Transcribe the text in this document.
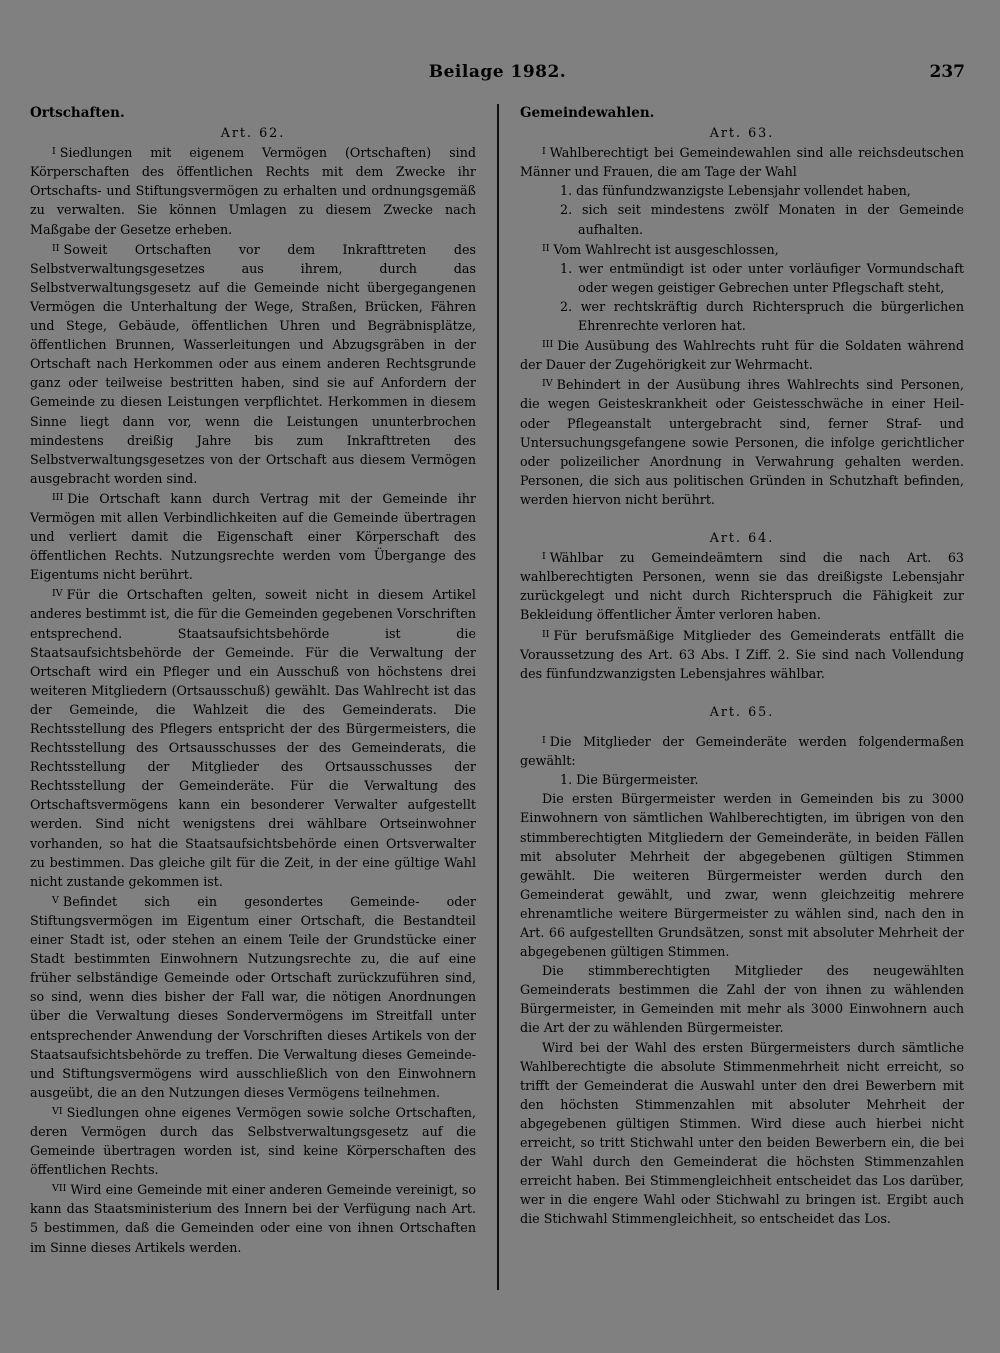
Beilage 1982.	237

Ortschaften.

Art. 62.

$^I$ Siedlungen mit eigenem Vermögen (Ortschaften) sind Körperschaften des öffentlichen Rechts mit dem Zwecke ihr Ortschafts- und Stiftungsvermögen zu erhalten und ordnungsgemäß zu verwalten. Sie können Umlagen zu diesem Zwecke nach Maßgabe der Gesetze erheben.

$^{II}$ Soweit Ortschaften vor dem Inkrafttreten des Selbstverwaltungsgesetzes aus ihrem, durch das Selbstverwaltungsgesetz auf die Gemeinde nicht übergegangenen Vermögen die Unterhaltung der Wege, Straßen, Brücken, Fähren und Stege, Gebäude, öffentlichen Uhren und Begräbnisplätze, öffentlichen Brunnen, Wasserleitungen und Abzugsgräben in der Ortschaft nach Herkommen oder aus einem anderen Rechtsgrunde ganz oder teilweise bestritten haben, sind sie auf Anfordern der Gemeinde zu diesen Leistungen verpflichtet. Herkommen in diesem Sinne liegt dann vor, wenn die Leistungen ununterbrochen mindestens dreißig Jahre bis zum Inkrafttreten des Selbstverwaltungsgesetzes von der Ortschaft aus diesem Vermögen ausgebracht worden sind.

$^{III}$ Die Ortschaft kann durch Vertrag mit der Gemeinde ihr Vermögen mit allen Verbindlichkeiten auf die Gemeinde übertragen und verliert damit die Eigenschaft einer Körperschaft des öffentlichen Rechts. Nutzungsrechte werden vom Übergange des Eigentums nicht berührt.

$^{IV}$ Für die Ortschaften gelten, soweit nicht in diesem Artikel anderes bestimmt ist, die für die Gemeinden gegebenen Vorschriften entsprechend. Staatsaufsichtsbehörde ist die Staatsaufsichtsbehörde der Gemeinde. Für die Verwaltung der Ortschaft wird ein Pfleger und ein Ausschuß von höchstens drei weiteren Mitgliedern (Ortsausschuß) gewählt. Das Wahlrecht ist das der Gemeinde, die Wahlzeit die des Gemeinderats. Die Rechtsstellung des Pflegers entspricht der des Bürgermeisters, die Rechtsstellung des Ortsausschusses der des Gemeinderats, die Rechtsstellung der Mitglieder des Ortsausschusses der Rechtsstellung der Gemeinderäte. Für die Verwaltung des Ortschaftsvermögens kann ein besonderer Verwalter aufgestellt werden. Sind nicht wenigstens drei wählbare Ortseinwohner vorhanden, so hat die Staatsaufsichtsbehörde einen Ortsverwalter zu bestimmen. Das gleiche gilt für die Zeit, in der eine gültige Wahl nicht zustande gekommen ist.

$^V$ Befindet sich ein gesondertes Gemeinde- oder Stiftungsvermögen im Eigentum einer Ortschaft, die Bestandteil einer Stadt ist, oder stehen an einem Teile der Grundstücke einer Stadt bestimmten Einwohnern Nutzungsrechte zu, die auf eine früher selbständige Gemeinde oder Ortschaft zurückzuführen sind, so sind, wenn dies bisher der Fall war, die nötigen Anordnungen über die Verwaltung dieses Sondervermögens im Streitfall unter entsprechender Anwendung der Vorschriften dieses Artikels von der Staatsaufsichtsbehörde zu treffen. Die Verwaltung dieses Gemeinde- und Stiftungsvermögens wird ausschließlich von den Einwohnern ausgeübt, die an den Nutzungen dieses Vermögens teilnehmen.

$^{VI}$ Siedlungen ohne eigenes Vermögen sowie solche Ortschaften, deren Vermögen durch das Selbstverwaltungsgesetz auf die Gemeinde übertragen worden ist, sind keine Körperschaften des öffentlichen Rechts.

$^{VII}$ Wird eine Gemeinde mit einer anderen Gemeinde vereinigt, so kann das Staatsministerium des Innern bei der Verfügung nach Art. 5 bestimmen, daß die Gemeinden oder eine von ihnen Ortschaften im Sinne dieses Artikels werden.

Gemeindewahlen.

Art. 63.

$^I$ Wahlberechtigt bei Gemeindewahlen sind alle reichsdeutschen Männer und Frauen, die am Tage der Wahl

1. das fünfundzwanzigste Lebensjahr vollendet haben,

2. sich seit mindestens zwölf Monaten in der Gemeinde aufhalten.

$^{II}$ Vom Wahlrecht ist ausgeschlossen,

1. wer entmündigt ist oder unter vorläufiger Vormundschaft oder wegen geistiger Gebrechen unter Pflegschaft steht,

2. wer rechtskräftig durch Richterspruch die bürgerlichen Ehrenrechte verloren hat.

$^{III}$ Die Ausübung des Wahlrechts ruht für die Soldaten während der Dauer der Zugehörigkeit zur Wehrmacht.

$^{IV}$ Behindert in der Ausübung ihres Wahlrechts sind Personen, die wegen Geisteskrankheit oder Geistesschwäche in einer Heil- oder Pflegeanstalt untergebracht sind, ferner Straf- und Untersuchungsgefangene sowie Personen, die infolge gerichtlicher oder polizeilicher Anordnung in Verwahrung gehalten werden. Personen, die sich aus politischen Gründen in Schutzhaft befinden, werden hiervon nicht berührt.

Art. 64.

$^I$ Wählbar zu Gemeindeämtern sind die nach Art. 63 wahlberechtigten Personen, wenn sie das dreißigste Lebensjahr zurückgelegt und nicht durch Richterspruch die Fähigkeit zur Bekleidung öffentlicher Ämter verloren haben.

$^{II}$ Für berufsmäßige Mitglieder des Gemeinderats entfällt die Voraussetzung des Art. 63 Abs. I Ziff. 2. Sie sind nach Vollendung des fünfundzwanzigsten Lebensjahres wählbar.

Art. 65.

$^I$ Die Mitglieder der Gemeinderäte werden folgendermaßen gewählt:

1. Die Bürgermeister.

Die ersten Bürgermeister werden in Gemeinden bis zu 3000 Einwohnern von sämtlichen Wahlberechtigten, im übrigen von den stimmberechtigten Mitgliedern der Gemeinderäte, in beiden Fällen mit absoluter Mehrheit der abgegebenen gültigen Stimmen gewählt. Die weiteren Bürgermeister werden durch den Gemeinderat gewählt, und zwar, wenn gleichzeitig mehrere ehrenamtliche weitere Bürgermeister zu wählen sind, nach den in Art. 66 aufgestellten Grundsätzen, sonst mit absoluter Mehrheit der abgegebenen gültigen Stimmen.

Die stimmberechtigten Mitglieder des neugewählten Gemeinderats bestimmen die Zahl der von ihnen zu wählenden Bürgermeister, in Gemeinden mit mehr als 3000 Einwohnern auch die Art der zu wählenden Bürgermeister.

Wird bei der Wahl des ersten Bürgermeisters durch sämtliche Wahlberechtigte die absolute Stimmenmehrheit nicht erreicht, so trifft der Gemeinderat die Auswahl unter den drei Bewerbern mit den höchsten Stimmenzahlen mit absoluter Mehrheit der abgegebenen gültigen Stimmen. Wird diese auch hierbei nicht erreicht, so tritt Stichwahl unter den beiden Bewerbern ein, die bei der Wahl durch den Gemeinderat die höchsten Stimmenzahlen erreicht haben. Bei Stimmengleichheit entscheidet das Los darüber, wer in die engere Wahl oder Stichwahl zu bringen ist. Ergibt auch die Stichwahl Stimmengleichheit, so entscheidet das Los.
